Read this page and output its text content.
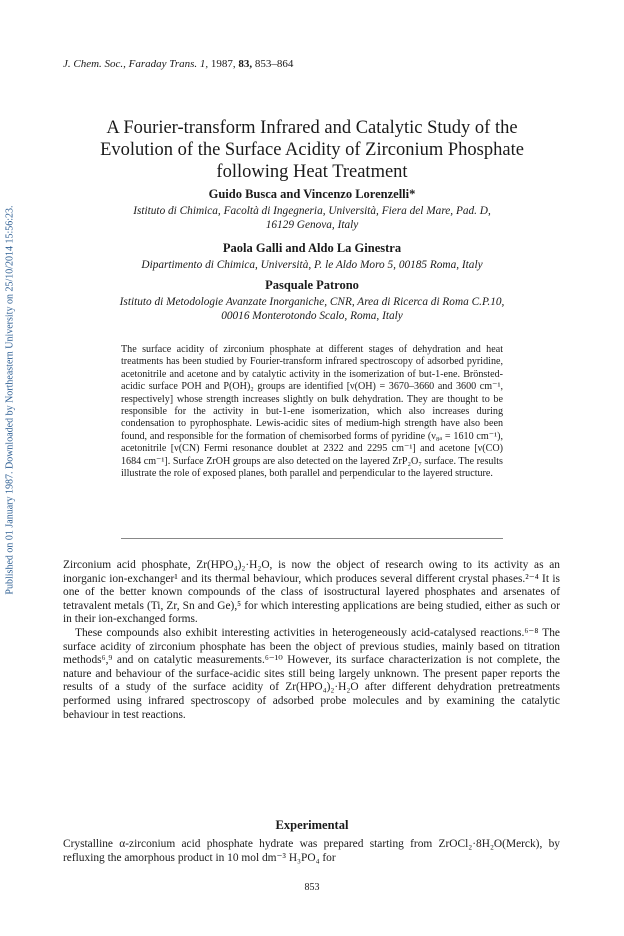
Published on 01 January 1987. Downloaded by Northeastern University on 25/10/2014 15:56:23.
J. Chem. Soc., Faraday Trans. 1, 1987, 83, 853–864
A Fourier-transform Infrared and Catalytic Study of the
Evolution of the Surface Acidity of Zirconium Phosphate
following Heat Treatment
Guido Busca and Vincenzo Lorenzelli*
Istituto di Chimica, Facoltà di Ingegneria, Università, Fiera del Mare, Pad. D,
16129 Genova, Italy
Paola Galli and Aldo La Ginestra
Dipartimento di Chimica, Università, P. le Aldo Moro 5, 00185 Roma, Italy
Pasquale Patrono
Istituto di Metodologie Avanzate Inorganiche, CNR, Area di Ricerca di Roma C.P.10,
00016 Monterotondo Scalo, Roma, Italy
The surface acidity of zirconium phosphate at different stages of dehydration and heat treatments has been studied by Fourier-transform infrared spectroscopy of adsorbed pyridine, acetonitrile and acetone and by catalytic activity in the isomerization of but-1-ene. Brönsted-acidic surface POH and P(OH)₂ groups are identified [ν(OH) = 3670–3660 and 3600 cm⁻¹, respectively] whose strength increases slightly on bulk dehydration. They are thought to be responsible for the activity in but-1-ene isomerization, which also increases during condensation to pyrophosphate. Lewis-acidic sites of medium-high strength have also been found, and responsible for the formation of chemisorbed forms of pyridine (ν₈ₐ = 1610 cm⁻¹), acetonitrile [ν(CN) Fermi resonance doublet at 2322 and 2295 cm⁻¹] and acetone [ν(CO) 1684 cm⁻¹]. Surface ZrOH groups are also detected on the layered ZrP₂O₇ surface. The results illustrate the role of exposed planes, both parallel and perpendicular to the layered structure.

Zirconium acid phosphate, Zr(HPO₄)₂·H₂O, is now the object of research owing to its activity as an inorganic ion-exchanger¹ and its thermal behaviour, which produces several different crystal phases.²⁻⁴ It is one of the better known compounds of the class of isostructural layered phosphates and arsenates of tetravalent metals (Ti, Zr, Sn and Ge),⁵ for which interesting applications are being studied, either as such or in their ion-exchanged forms.

These compounds also exhibit interesting activities in heterogeneously acid-catalysed reactions.⁶⁻⁸ The surface acidity of zirconium phosphate has been the object of previous studies, mainly based on titration methods⁶,⁹ and on catalytic measurements.⁶⁻¹⁰ However, its surface characterization is not complete, the nature and behaviour of the surface-acidic sites still being largely unknown. The present paper reports the results of a study of the surface acidity of Zr(HPO₄)₂·H₂O after different dehydration pretreatments performed using infrared spectroscopy of adsorbed probe molecules and by examining the catalytic behaviour in test reactions.

Experimental
Crystalline α-zirconium acid phosphate hydrate was prepared starting from ZrOCl₂·8H₂O(Merck), by refluxing the amorphous product in 10 mol dm⁻³ H₃PO₄ for
853
